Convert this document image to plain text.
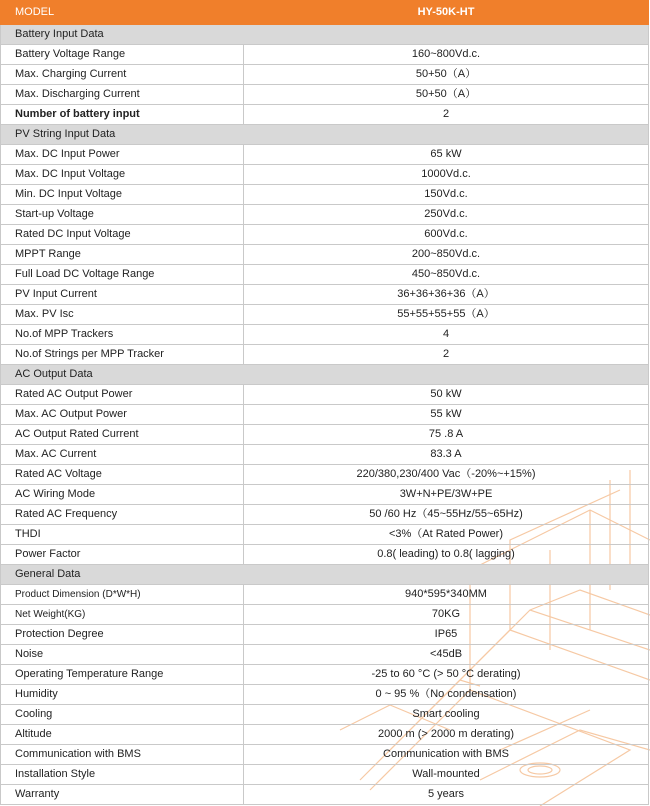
MODEL	HY-50K-HT
Battery Input Data	
Battery Voltage Range	160~800Vd.c.
Max. Charging Current	50+50（A）
Max. Discharging Current	50+50（A）
Number of battery input	2
PV String Input Data	
Max. DC Input Power	65 kW
Max. DC Input Voltage	1000Vd.c.
Min. DC Input Voltage	150Vd.c.
Start-up Voltage	250Vd.c.
Rated DC Input Voltage	600Vd.c.
MPPT Range	200~850Vd.c.
Full Load DC Voltage Range	450~850Vd.c.
PV Input Current	36+36+36+36（A）
Max. PV Isc	55+55+55+55（A）
No.of MPP Trackers	4
No.of Strings per MPP Tracker	2
AC Output Data	
Rated AC Output Power	50 kW
Max. AC Output Power	55 kW
AC Output Rated Current	75 .8 A
Max. AC Current	83.3 A
Rated AC Voltage	220/380,230/400 Vac（-20%~+15%)
AC Wiring Mode	3W+N+PE/3W+PE
Rated AC Frequency	50 /60 Hz（45~55Hz/55~65Hz)
THDI	<3%（At Rated Power)
Power Factor	0.8( leading) to 0.8( lagging)
General Data	
Product Dimension (D*W*H)	940*595*340MM
Net Weight(KG)	70KG
Protection Degree	IP65
Noise	<45dB
Operating Temperature Range	-25 to 60 °C (> 50 °C derating)
Humidity	0 ~ 95 %（No condensation)
Cooling	Smart cooling
Altitude	2000 m (> 2000 m derating)
Communication with BMS	Communication with BMS
Installation Style	Wall-mounted
Warranty	5 years
